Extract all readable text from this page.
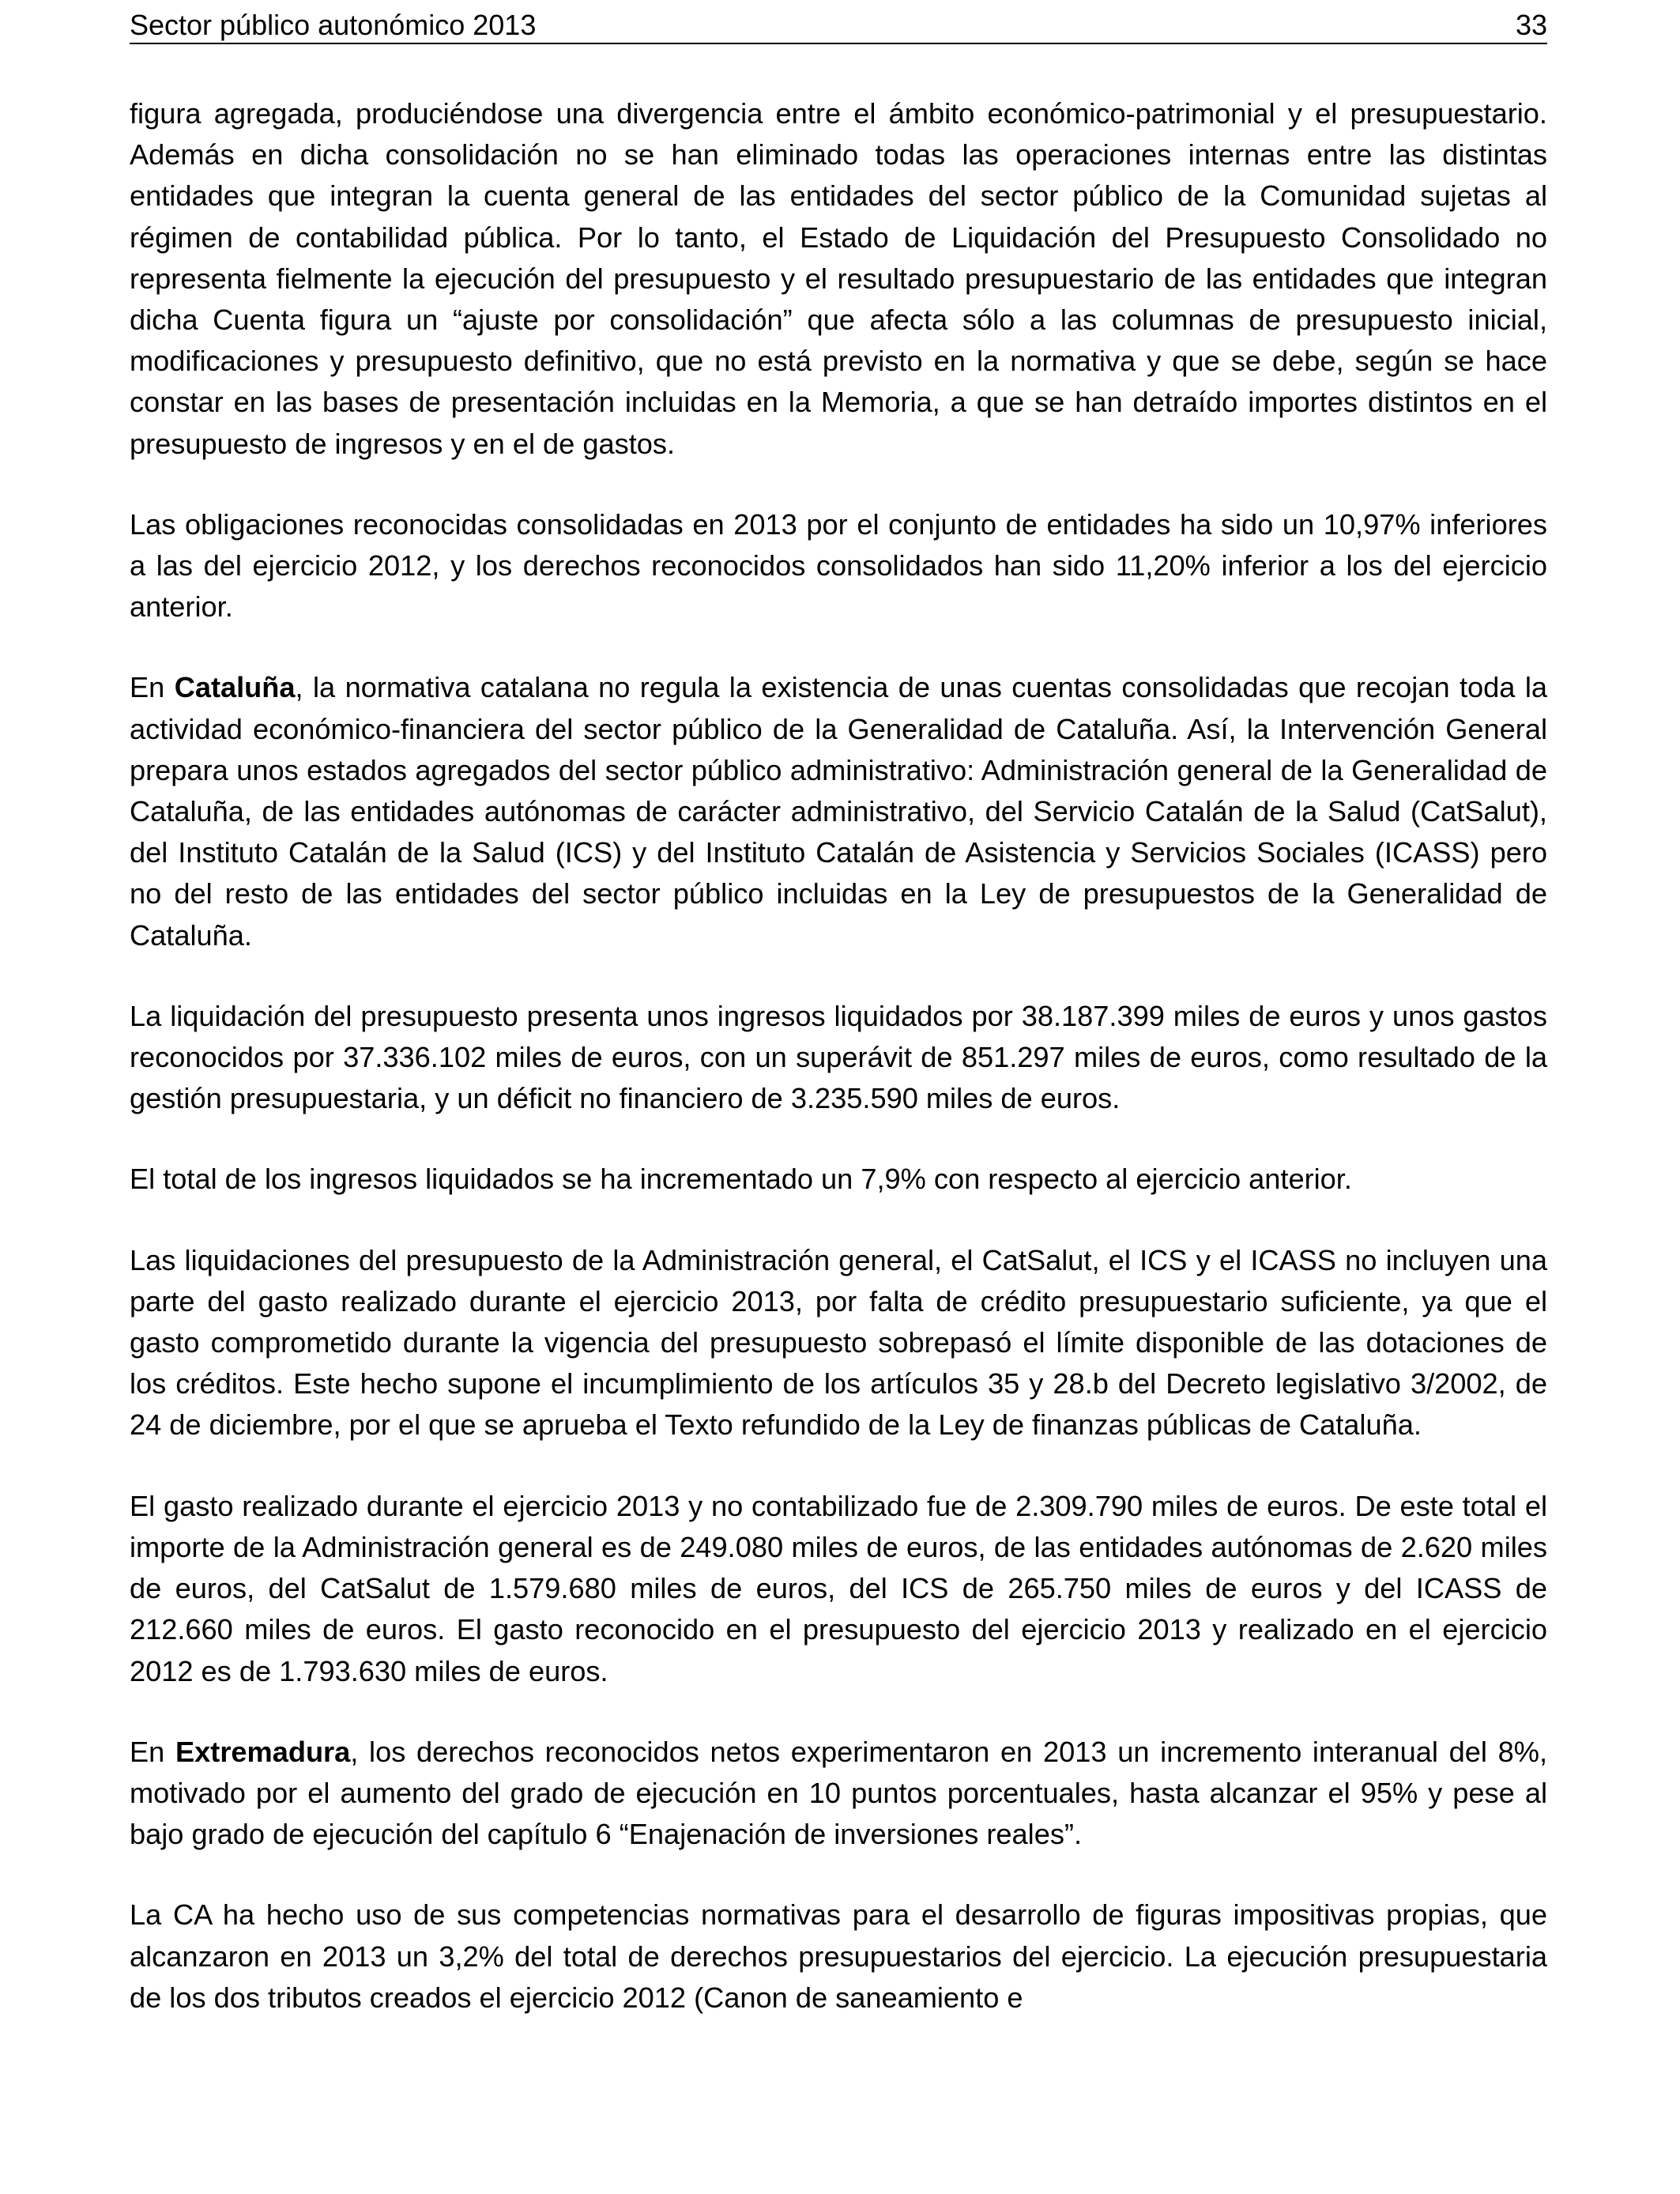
Sector público autonómico 2013	33

figura agregada, produciéndose una divergencia entre el ámbito económico-patrimonial y el presupuestario. Además en dicha consolidación no se han eliminado todas las operaciones internas entre las distintas entidades que integran la cuenta general de las entidades del sector público de la Comunidad sujetas al régimen de contabilidad pública. Por lo tanto, el Estado de Liquidación del Presupuesto Consolidado no representa fielmente la ejecución del presupuesto y el resultado presupuestario de las entidades que integran dicha Cuenta figura un “ajuste por consolidación” que afecta sólo a las columnas de presupuesto inicial, modificaciones y presupuesto definitivo, que no está previsto en la normativa y que se debe, según se hace constar en las bases de presentación incluidas en la Memoria, a que se han detraído importes distintos en el presupuesto de ingresos y en el de gastos.

Las obligaciones reconocidas consolidadas en 2013 por el conjunto de entidades ha sido un 10,97% inferiores a las del ejercicio 2012, y los derechos reconocidos consolidados han sido 11,20% inferior a los del ejercicio anterior.

En Cataluña, la normativa catalana no regula la existencia de unas cuentas consolidadas que recojan toda la actividad económico-financiera del sector público de la Generalidad de Cataluña. Así, la Intervención General prepara unos estados agregados del sector público administrativo: Administración general de la Generalidad de Cataluña, de las entidades autónomas de carácter administrativo, del Servicio Catalán de la Salud (CatSalut), del Instituto Catalán de la Salud (ICS) y del Instituto Catalán de Asistencia y Servicios Sociales (ICASS) pero no del resto de las entidades del sector público incluidas en la Ley de presupuestos de la Generalidad de Cataluña.

La liquidación del presupuesto presenta unos ingresos liquidados por 38.187.399 miles de euros y unos gastos reconocidos por 37.336.102 miles de euros, con un superávit de 851.297 miles de euros, como resultado de la gestión presupuestaria, y un déficit no financiero de 3.235.590 miles de euros.

El total de los ingresos liquidados se ha incrementado un 7,9% con respecto al ejercicio anterior.

Las liquidaciones del presupuesto de la Administración general, el CatSalut, el ICS y el ICASS no incluyen una parte del gasto realizado durante el ejercicio 2013, por falta de crédito presupuestario suficiente, ya que el gasto comprometido durante la vigencia del presupuesto sobrepasó el límite disponible de las dotaciones de los créditos. Este hecho supone el incumplimiento de los artículos 35 y 28.b del Decreto legislativo 3/2002, de 24 de diciembre, por el que se aprueba el Texto refundido de la Ley de finanzas públicas de Cataluña.

El gasto realizado durante el ejercicio 2013 y no contabilizado fue de 2.309.790 miles de euros. De este total el importe de la Administración general es de 249.080 miles de euros, de las entidades autónomas de 2.620 miles de euros, del CatSalut de 1.579.680 miles de euros, del ICS de 265.750 miles de euros y del ICASS de 212.660 miles de euros. El gasto reconocido en el presupuesto del ejercicio 2013 y realizado en el ejercicio 2012 es de 1.793.630 miles de euros.

En Extremadura, los derechos reconocidos netos experimentaron en 2013 un incremento interanual del 8%, motivado por el aumento del grado de ejecución en 10 puntos porcentuales, hasta alcanzar el 95% y pese al bajo grado de ejecución del capítulo 6 “Enajenación de inversiones reales”.

La CA ha hecho uso de sus competencias normativas para el desarrollo de figuras impositivas propias, que alcanzaron en 2013 un 3,2% del total de derechos presupuestarios del ejercicio. La ejecución presupuestaria de los dos tributos creados el ejercicio 2012 (Canon de saneamiento e
